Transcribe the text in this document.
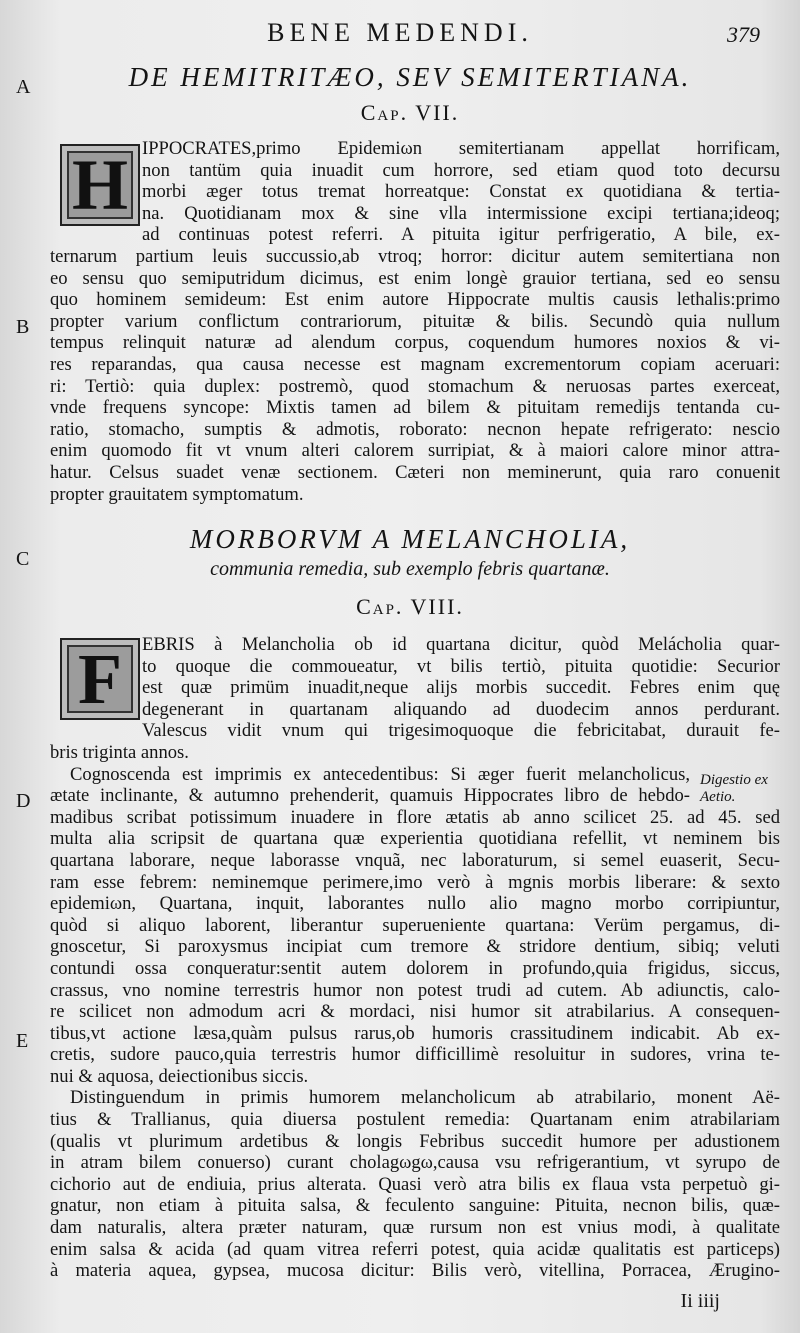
BENE MEDENDI.	379
A
B
C
D
E
DE HEMITRITÆO, SEV SEMITERTIANA.
Cap. VII.
H IPPOCRATES,primo Epidemiωn semitertianam appellat horrificam,
non tantüm quia inuadit cum horrore, sed etiam quod toto decursu
morbi æger totus tremat horreatque: Constat ex quotidiana & tertia-
na. Quotidianam mox & sine vlla intermissione excipi tertiana;ideoq;
ad continuas potest referri. A pituita igitur perfrigeratio, A bile, ex-
ternarum partium leuis succussio,ab vtroq; horror: dicitur autem semitertiana non
eo sensu quo semiputridum dicimus, est enim longè grauior tertiana, sed eo sensu
quo hominem semideum: Est enim autore Hippocrate multis causis lethalis:primo
propter varium conflictum contrariorum, pituitæ & bilis. Secundò quia nullum
tempus relinquit naturæ ad alendum corpus, coquendum humores noxios & vi-
res reparandas, qua causa necesse est magnam excrementorum copiam aceruari:
ri: Tertiò: quia duplex: postremò, quod stomachum & neruosas partes exerceat,
vnde frequens syncope: Mixtis tamen ad bilem & pituitam remedijs tentanda cu-
ratio, stomacho, sumptis & admotis, roborato: necnon hepate refrigerato: nescio
enim quomodo fit vt vnum alteri calorem surripiat, & à maiori calore minor attra-
hatur. Celsus suadet venæ sectionem. Cæteri non meminerunt, quia raro conuenit
propter grauitatem symptomatum.
MORBORVM A MELANCHOLIA,
communia remedia, sub exemplo febris quartanæ.
Cap. VIII.
F	EBRIS à Melancholia ob id quartana dicitur, quòd Melácholia quar-
to quoque die commoueatur, vt bilis tertiò, pituita quotidie: Securior
est quæ primüm inuadit,neque alijs morbis succedit. Febres enim quę
degenerant in quartanam aliquando ad duodecim annos perdurant.
Valescus vidit vnum qui trigesimoquoque die febricitabat, durauit fe-
bris triginta annos.
Cognoscenda est imprimis ex antecedentibus: Si æger fuerit melancholicus,
ætate inclinante, & autumno prehenderit, quamuis Hippocrates libro de hebdo-
madibus scribat potissimum inuadere in flore ætatis ab anno scilicet 25. ad 45. sed
multa alia scripsit de quartana quæ experientia quotidiana refellit, vt neminem bis
quartana laborare, neque laborasse vnquã, nec laboraturum, si semel euaserit, Secu-
ram esse febrem: neminemque perimere,imo verò à mgnis morbis liberare: & sexto
epidemiωn, Quartana, inquit, laborantes nullo alio magno morbo corripiuntur,
quòd si aliquo laborent, liberantur superueniente quartana: Verüm pergamus, di-
gnoscetur, Si paroxysmus incipiat cum tremore & stridore dentium, sibiq; veluti
contundi ossa conqueratur:sentit autem dolorem in profundo,quia frigidus, siccus,
crassus, vno nomine terrestris humor non potest trudi ad cutem. Ab adiunctis, calo-
re scilicet non admodum acri & mordaci, nisi humor sit atrabilarius. A consequen-
tibus,vt actione læsa,quàm pulsus rarus,ob humoris crassitudinem indicabit. Ab ex-
cretis, sudore pauco,quia terrestris humor difficillimè resoluitur in sudores, vrina te-
nui & aquosa, deiectionibus siccis.
Distinguendum in primis humorem melancholicum ab atrabilario, monent Aë-
tius & Trallianus, quia diuersa postulent remedia: Quartanam enim atrabilariam
(qualis vt plurimum ardetibus & longis Febribus succedit humore per adustionem
in atram bilem conuerso) curant cholagωgω,causa vsu refrigerantium, vt syrupo de
cichorio aut de endiuia, prius alterata. Quasi verò atra bilis ex flaua vsta perpetuò gi-
gnatur, non etiam à pituita salsa, & feculento sanguine: Pituita, necnon bilis, quæ-
dam naturalis, altera præter naturam, quæ rursum non est vnius modi, à qualitate
enim salsa & acida (ad quam vitrea referri potest, quia acidæ qualitatis est particeps)
à materia aquea, gypsea, mucosa dicitur: Bilis verò, vitellina, Porracea, Ærugino-
Digestio ex Aetio.
Ii iiij
